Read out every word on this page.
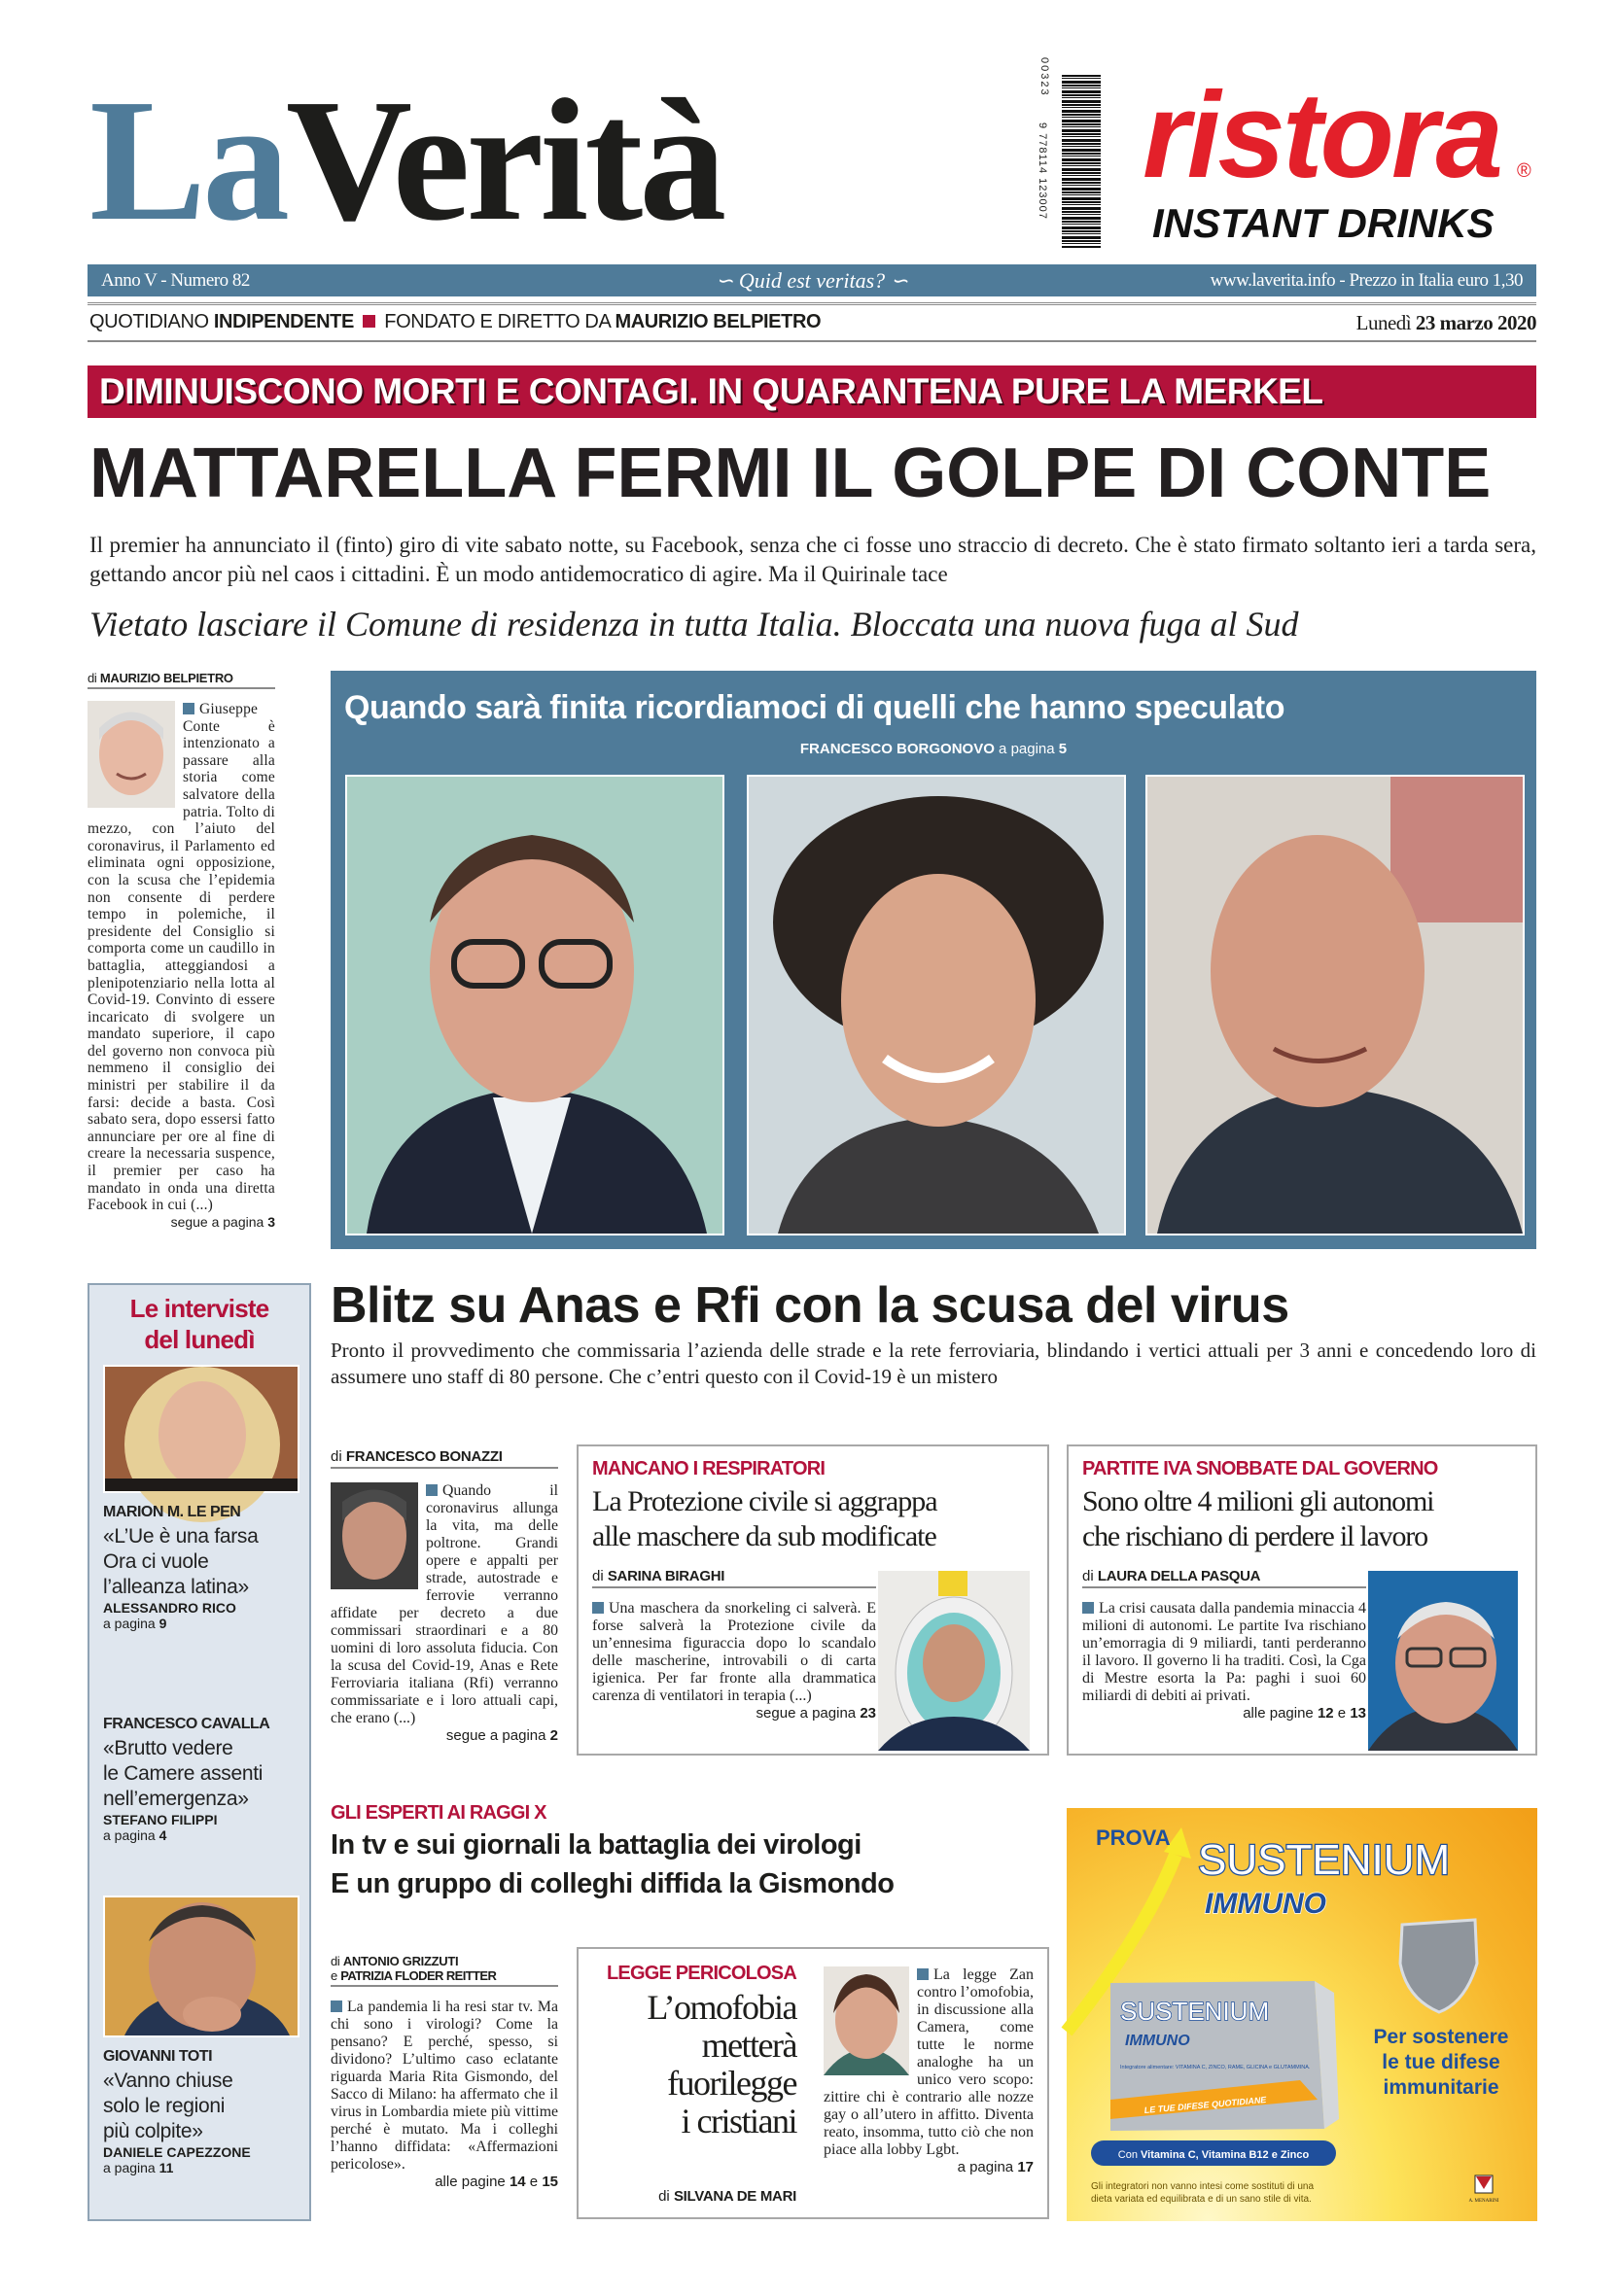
LaVerità	00323
9 778114 123007 ristora ®
INSTANT DRINKS
Anno V - Numero 82	∽ Quid est veritas? ∽	www.laverita.info - Prezzo in Italia euro 1,30
QUOTIDIANO INDIPENDENTE  FONDATO E DIRETTO DA MAURIZIO BELPIETRO	Lunedì 23 marzo 2020
DIMINUISCONO MORTI E CONTAGI. IN QUARANTENA PURE LA MERKEL
MATTARELLA FERMI IL GOLPE DI CONTE
Il premier ha annunciato il (finto) giro di vite sabato notte, su Facebook, senza che ci fosse uno straccio di decreto. Che è stato firmato soltanto ieri a tarda sera, gettando ancor più nel caos i cittadini. È un modo antidemocratico di agire. Ma il Quirinale tace
Vietato lasciare il Comune di residenza in tutta Italia. Bloccata una nuova fuga al Sud
di MAURIZIO BELPIETRO
Giuseppe Conte è intenzionato a passare alla storia come salvatore della patria. Tolto di mezzo, con l’aiuto del coronavirus, il Parlamento ed eliminata ogni opposizione, con la scusa che l’epidemia non consente di perdere tempo in polemiche, il presidente del Consiglio si comporta come un caudillo in battaglia, atteggiandosi a plenipotenziario nella lotta al Covid-19. Convinto di essere incaricato di svolgere un mandato superiore, il capo del governo non convoca più nemmeno il consiglio dei ministri per stabilire il da farsi: decide a basta. Così sabato sera, dopo essersi fatto annunciare per ore al fine di creare la necessaria suspence, il premier per caso ha mandato in onda una diretta Facebook in cui (...)
segue a pagina 3
Quando sarà finita ricordiamoci di quelli che hanno speculato
FRANCESCO BORGONOVO a pagina 5
Le interviste
del lunedì
MARION M. LE PEN
«L’Ue è una farsa
Ora ci vuole
l’alleanza latina»
ALESSANDRO RICO
a pagina 9
FRANCESCO CAVALLA
«Brutto vedere
le Camere assenti
nell’emergenza»
STEFANO FILIPPI
a pagina 4
GIOVANNI TOTI
«Vanno chiuse
solo le regioni
più colpite»
DANIELE CAPEZZONE
a pagina 11
Blitz su Anas e Rfi con la scusa del virus
Pronto il provvedimento che commissaria l’azienda delle strade e la rete ferroviaria, blindando i vertici attuali per 3 anni e concedendo loro di assumere uno staff di 80 persone. Che c’entri questo con il Covid-19 è un mistero
di FRANCESCO BONAZZI
Quando il coronavirus allunga la vita, ma delle poltrone. Grandi opere e appalti per strade, autostrade e ferrovie verranno affidate per decreto a due commissari straordinari e a 80 uomini di loro assoluta fiducia. Con la scusa del Covid-19, Anas e Rete Ferroviaria italiana (Rfi) verranno commissariate e i loro attuali capi, che erano (...)
segue a pagina 2
MANCANO I RESPIRATORI
La Protezione civile si aggrappa
alle maschere da sub modificate
di SARINA BIRAGHI
Una maschera da snorkeling ci salverà. E forse salverà la Protezione civile da un’ennesima figuraccia dopo lo scandalo delle mascherine, introvabili o di carta igienica. Per far fronte alla drammatica carenza di ventilatori in terapia (...)
segue a pagina 23
PARTITE IVA SNOBBATE DAL GOVERNO
Sono oltre 4 milioni gli autonomi
che rischiano di perdere il lavoro
di LAURA DELLA PASQUA
La crisi causata dalla pandemia minaccia 4 milioni di autonomi. Le partite Iva rischiano un’emorragia di 9 miliardi, tanti perderanno il lavoro. Il governo li ha traditi. Così, la Cga di Mestre esorta la Pa: paghi i suoi 60 miliardi di debiti ai privati.
alle pagine 12 e 13
GLI ESPERTI AI RAGGI X
In tv e sui giornali la battaglia dei virologi
E un gruppo di colleghi diffida la Gismondo
di ANTONIO GRIZZUTI
e PATRIZIA FLODER REITTER
La pandemia li ha resi star tv. Ma chi sono i virologi? Come la pensano? E perché, spesso, si dividono? L’ultimo caso eclatante riguarda Maria Rita Gismondo, del Sacco di Milano: ha affermato che il virus in Lombardia miete più vittime perché è mutato. Ma i colleghi l’hanno diffidata: «Affermazioni pericolose».
alle pagine 14 e 15
LEGGE PERICOLOSA
L’omofobia
metterà
fuorilegge
i cristiani
di SILVANA DE MARI
La legge Zan contro l’omofobia, in discussione alla Camera, come tutte le norme analoghe ha un unico vero scopo: zittire chi è contrario alle nozze gay o all’utero in affitto. Diventa reato, insomma, tutto ciò che non piace alla lobby Lgbt.
a pagina 17
PROVA SUSTENIUM
IMMUNO
SUSTENIUM
IMMUNO
Integratore alimentare: VITAMINA C, ZINCO, RAME, GLICINA e GLUTAMMINA.
LE TUE DIFESE QUOTIDIANE
Per sostenere
le tue difese
immunitarie
Con Vitamina C, Vitamina B12 e Zinco
Gli integratori non vanno intesi come sostituti di una
dieta variata ed equilibrata e di un sano stile di vita.	A. MENARINI
